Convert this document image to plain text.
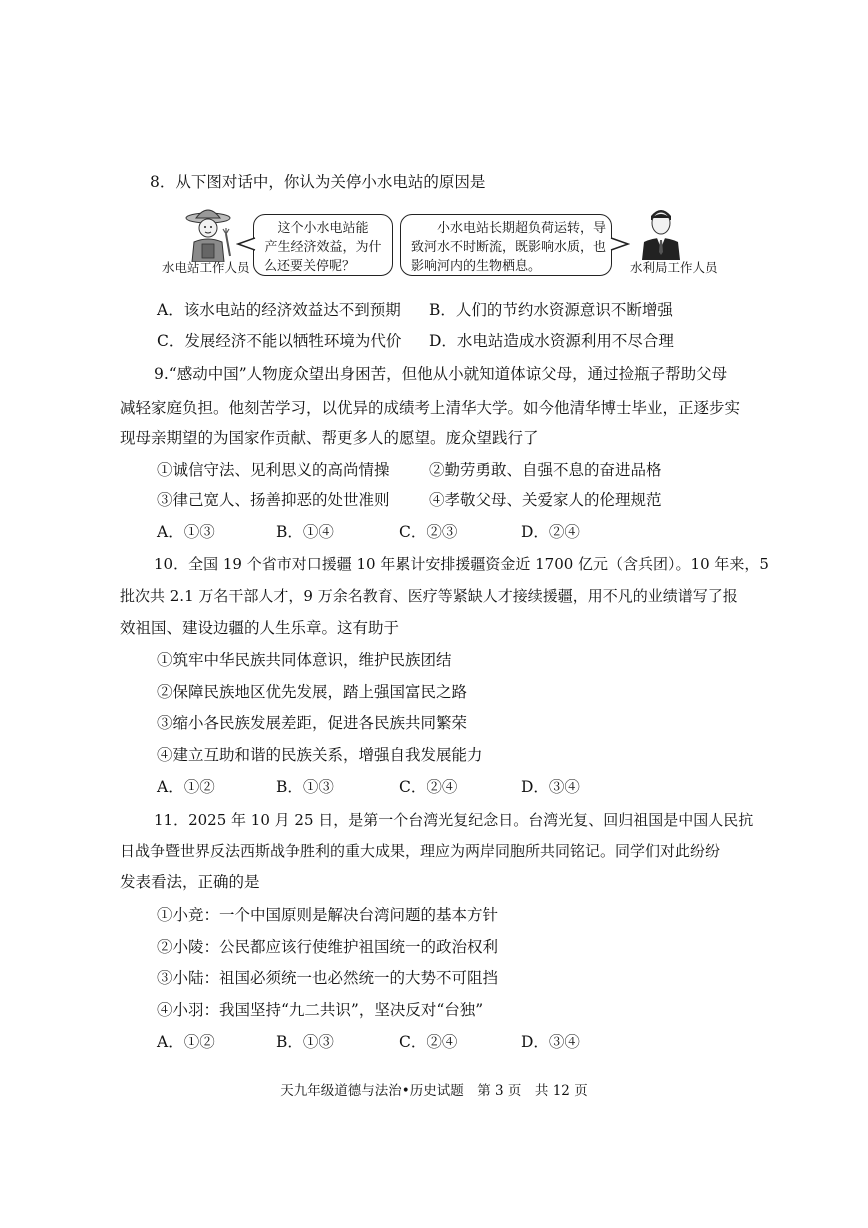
8．从下图对话中，你认为关停小水电站的原因是
水电站工作人员
这个小水电站能
产生经济效益，为什
么还要关停呢？
小水电站长期超负荷运转，导
致河水不时断流，既影响水质，也
影响河内的生物栖息。	水利局工作人员
A．该水电站的经济效益达不到预期 B．人们的节约水资源意识不断增强
C．发展经济不能以牺牲环境为代价 D．水电站造成水资源利用不尽合理
9.“感动中国”人物庞众望出身困苦，但他从小就知道体谅父母，通过捡瓶子帮助父母
减轻家庭负担。他刻苦学习，以优异的成绩考上清华大学。如今他清华博士毕业，正逐步实
现母亲期望的为国家作贡献、帮更多人的愿望。庞众望践行了
①诚信守法、见利思义的高尚情操	②勤劳勇敢、自强不息的奋进品格
③律己宽人、扬善抑恶的处世准则	④孝敬父母、关爱家人的伦理规范
A．①③	B．①④	C．②③	D．②④
10．全国 19 个省市对口援疆 10 年累计安排援疆资金近 1700 亿元（含兵团）。10 年来，5
批次共 2.1 万名干部人才，9 万余名教育、医疗等紧缺人才接续援疆，用不凡的业绩谱写了报
效祖国、建设边疆的人生乐章。这有助于
①筑牢中华民族共同体意识，维护民族团结
②保障民族地区优先发展，踏上强国富民之路
③缩小各民族发展差距，促进各民族共同繁荣
④建立互助和谐的民族关系，增强自我发展能力
A．①②	B．①③	C．②④	D．③④
11．2025 年 10 月 25 日，是第一个台湾光复纪念日。台湾光复、回归祖国是中国人民抗
日战争暨世界反法西斯战争胜利的重大成果，理应为两岸同胞所共同铭记。同学们对此纷纷
发表看法，正确的是
①小竞：一个中国原则是解决台湾问题的基本方针
②小陵：公民都应该行使维护祖国统一的政治权利
③小陆：祖国必须统一也必然统一的大势不可阻挡
④小羽：我国坚持“九二共识”，坚决反对“台独”
A．①②	B．①③	C．②④	D．③④
天九年级道德与法治•历史试题　第 3 页　共 12 页
